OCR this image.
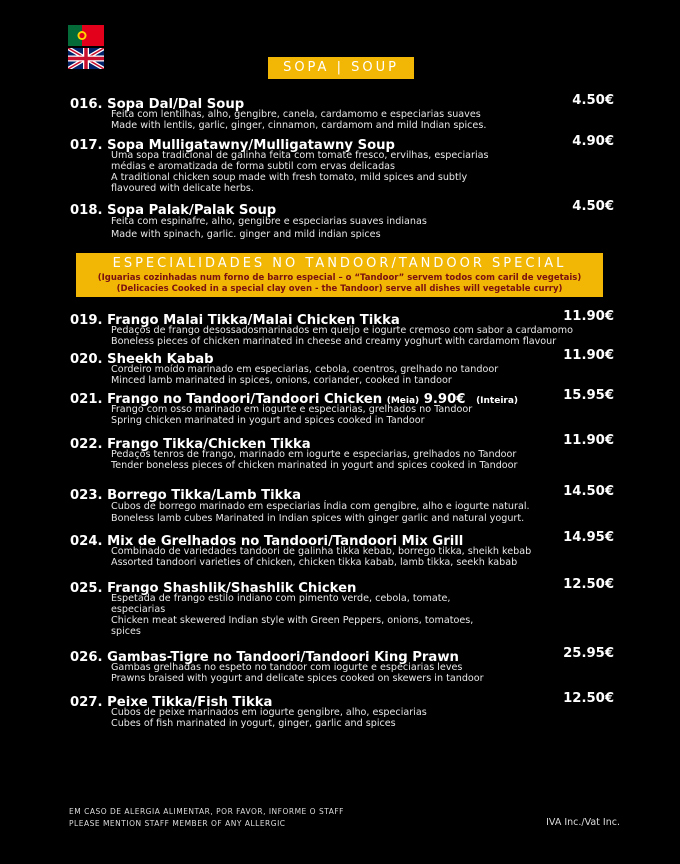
SOPA | SOUP
016. Sopa Dal/Dal Soup	4.50€
Feita com lentilhas, alho, gengibre, canela, cardamomo e especiarias suaves
Made with lentils, garlic, ginger, cinnamon, cardamom and mild Indian spices.
017. Sopa Mulligatawny/Mulligatawny Soup	4.90€
Uma sopa tradicional de galinha feita com tomate fresco, ervilhas, especiarias
médias e aromatizada de forma subtil com ervas delicadas
A traditional chicken soup made with fresh tomato, mild spices and subtly
flavoured with delicate herbs.
018. Sopa Palak/Palak Soup	4.50€
Feita com espinafre, alho, gengibre e especiarias suaves indianas
Made with spinach, garlic. ginger and mild indian spices
ESPECIALIDADES NO TANDOOR/TANDOOR SPECIAL
(Iguarias cozinhadas num forno de barro especial – o “Tandoor” servem todos com caril de vegetais)
(Delicacies Cooked in a special clay oven - the Tandoor) serve all dishes will vegetable curry)
019. Frango Malai Tikka/Malai Chicken Tikka	11.90€
Pedaços de frango desossadosmarinados em queijo e iogurte cremoso com sabor a cardamomo
Boneless pieces of chicken marinated in cheese and creamy yoghurt with cardamom flavour
020. Sheekh Kabab	11.90€
Cordeiro moído marinado em especiarias, cebola, coentros, grelhado no tandoor
Minced lamb marinated in spices, onions, coriander, cooked in tandoor
021. Frango no Tandoori/Tandoori Chicken (Meia) 9.90€ (Inteira)	15.95€
Frango com osso marinado em iogurte e especiarias, grelhados no Tandoor
Spring chicken marinated in yogurt and spices cooked in Tandoor
022. Frango Tikka/Chicken Tikka	11.90€
Pedaços tenros de frango, marinado em iogurte e especiarias, grelhados no Tandoor
Tender boneless pieces of chicken marinated in yogurt and spices cooked in Tandoor
023. Borrego Tikka/Lamb Tikka	14.50€
Cubos de borrego marinado em especiarias Índia com gengibre, alho e iogurte natural.
Boneless lamb cubes Marinated in Indian spices with ginger garlic and natural yogurt.
024. Mix de Grelhados no Tandoori/Tandoori Mix Grill	14.95€
Combinado de variedades tandoori de galinha tikka kebab, borrego tikka, sheikh kebab
Assorted tandoori varieties of chicken, chicken tikka kabab, lamb tikka, seekh kabab
025. Frango Shashlik/Shashlik Chicken	12.50€
Espetada de frango estilo indiano com pimento verde, cebola, tomate,
especiarias
Chicken meat skewered Indian style with Green Peppers, onions, tomatoes,
spices
026. Gambas-Tigre no Tandoori/Tandoori King Prawn	25.95€
Gambas grelhadas no espeto no tandoor com iogurte e especiarias leves
Prawns braised with yogurt and delicate spices cooked on skewers in tandoor
027. Peixe Tikka/Fish Tikka	12.50€
Cubos de peixe marinados em iogurte gengibre, alho, especiarias
Cubes of fish marinated in yogurt, ginger, garlic and spices
EM CASO DE ALERGIA ALIMENTAR, POR FAVOR, INFORME O STAFF
PLEASE MENTION STAFF MEMBER OF ANY ALLERGIC	IVA Inc./Vat Inc.
